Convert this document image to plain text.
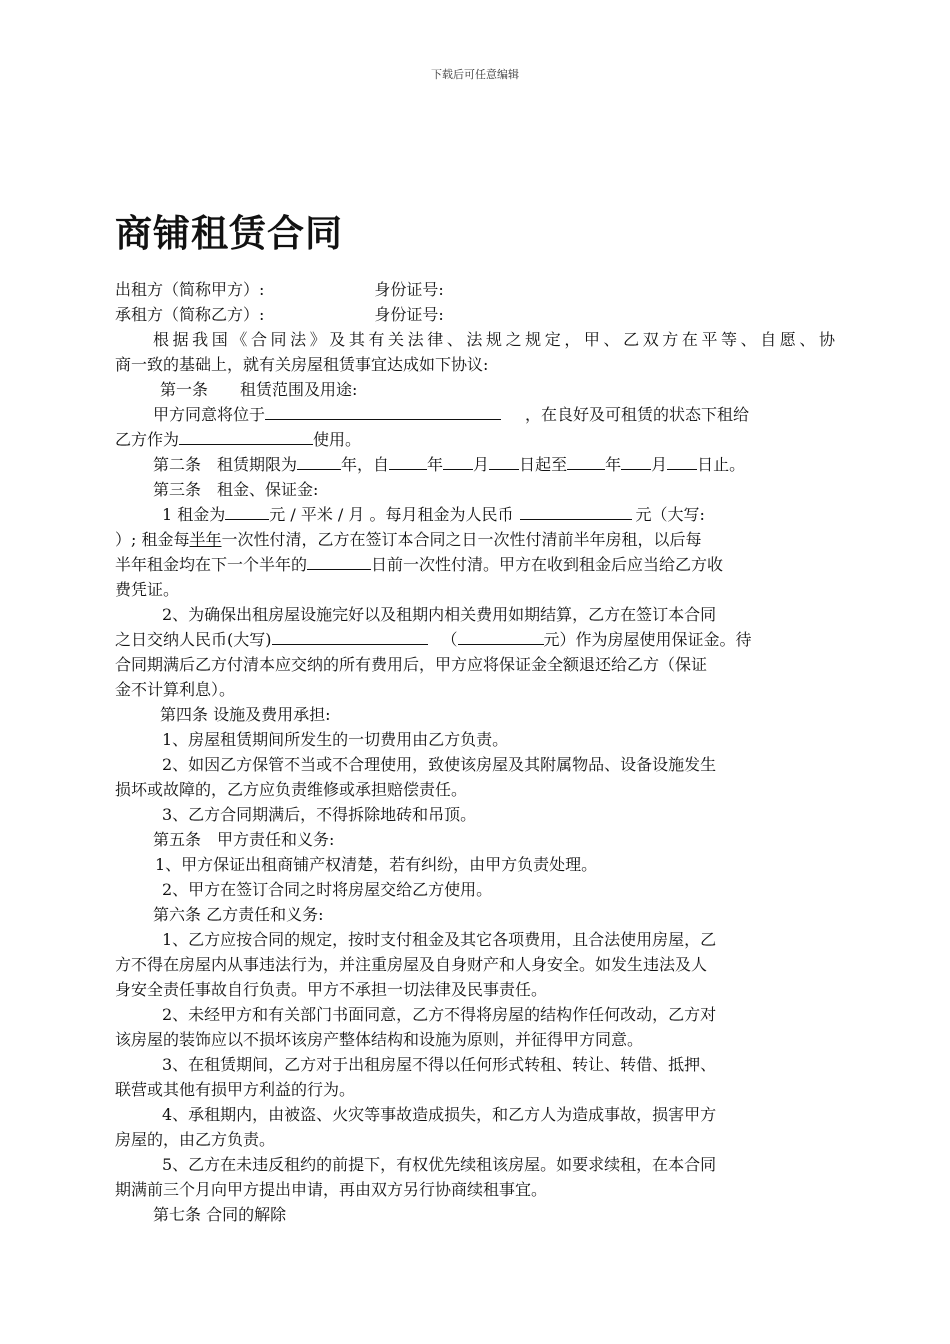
下载后可任意编辑
商铺租赁合同
出租方（简称甲方）:	身份证号:
承租方（简称乙方）:	身份证号:
根据我国《合同法》及其有关法律、法规之规定，甲、乙双方在平等、自愿、协
商一致的基础上，就有关房屋租赁事宜达成如下协议:
第一条 租赁范围及用途:
甲方同意将位于	，在良好及可租赁的状态下租给
乙方作为	使用。
第二条　租赁期限为	年，自 年 月 日起至 年 月 日止。
第三条　租金、保证金:
1 租金为	元 / 平米 / 月 。每月租金为人民币	元（大写:
）; 租金每半年一次性付清，乙方在签订本合同之日一次性付清前半年房租，以后每
半年租金均在下一个半年的	日前一次性付清。甲方在收到租金后应当给乙方收
费凭证。
2、为确保出租房屋设施完好以及租期内相关费用如期结算，乙方在签订本合同
之日交纳人民币(大写)	（	元）作为房屋使用保证金。待
合同期满后乙方付清本应交纳的所有费用后，甲方应将保证金全额退还给乙方（保证
金不计算利息）。
第四条 设施及费用承担:
1、房屋租赁期间所发生的一切费用由乙方负责。
2、如因乙方保管不当或不合理使用，致使该房屋及其附属物品、设备设施发生
损坏或故障的，乙方应负责维修或承担赔偿责任。
3、乙方合同期满后，不得拆除地砖和吊顶。
第五条　甲方责任和义务:
1、甲方保证出租商铺产权清楚，若有纠纷，由甲方负责处理。
2、甲方在签订合同之时将房屋交给乙方使用。
第六条 乙方责任和义务:
1、乙方应按合同的规定，按时支付租金及其它各项费用，且合法使用房屋，乙
方不得在房屋内从事违法行为，并注重房屋及自身财产和人身安全。如发生违法及人
身安全责任事故自行负责。甲方不承担一切法律及民事责任。
2、未经甲方和有关部门书面同意，乙方不得将房屋的结构作任何改动，乙方对
该房屋的装饰应以不损坏该房产整体结构和设施为原则，并征得甲方同意。
3、在租赁期间，乙方对于出租房屋不得以任何形式转租、转让、转借、抵押、
联营或其他有损甲方利益的行为。
4、承租期内，由被盗、火灾等事故造成损失，和乙方人为造成事故，损害甲方
房屋的，由乙方负责。
5、乙方在未违反租约的前提下，有权优先续租该房屋。如要求续租，在本合同
期满前三个月向甲方提出申请，再由双方另行协商续租事宜。
第七条 合同的解除
